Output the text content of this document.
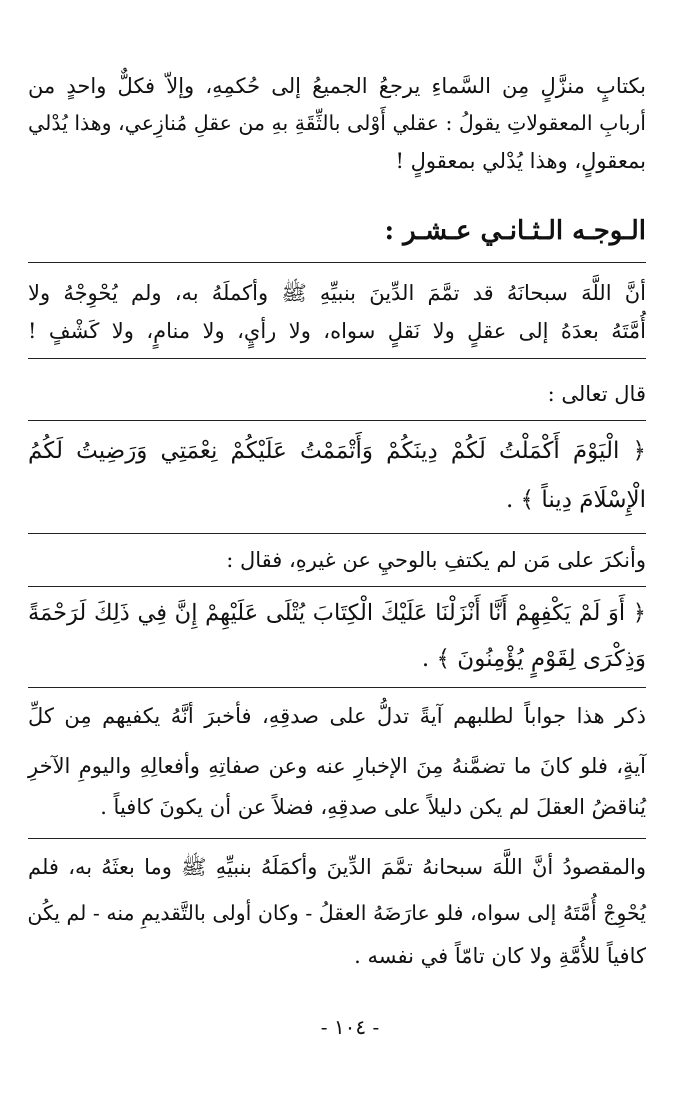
بكتابٍ منزَّلٍ مِن السَّماءِ يرجعُ الجميعُ إلى حُكمِهِ، وإلاّ فكلٌّ واحدٍ من
أربابِ المعقولاتِ يقولُ : عقلي أَوْلى بالثِّقَةِ بهِ من عقلِ مُنازِعي، وهذا يُدْلي
بمعقولٍ، وهذا يُدْلي بمعقولٍ !
الـوجـه الـثـانـي عـشـر :
أنَّ اللَّهَ سبحانَهُ قد تمَّمَ الدِّينَ بنبيِّهِ ﷺ وأكملَهُ به، ولم يُحْوِجْهُ ولا
أُمَّتَهُ بعدَهُ إلى عقلٍ ولا نَقلٍ سواه، ولا رأيٍ، ولا منامٍ، ولا كَشْفٍ !
قال تعالى :
﴿ الْيَوْمَ أَكْمَلْتُ لَكُمْ دِينَكُمْ وَأَتْمَمْتُ عَلَيْكُمْ نِعْمَتِي وَرَضِيتُ لَكُمُ
الْإِسْلَامَ دِيناً ﴾ .
وأنكرَ على مَن لم يكتفِ بالوحيِ عن غيرهِ، فقال :
﴿ أَوَ لَمْ يَكْفِهِمْ أَنَّا أَنْزَلْنَا عَلَيْكَ الْكِتَابَ يُتْلَى عَلَيْهِمْ إِنَّ فِي ذَلِكَ لَرَحْمَةً
وَذِكْرَى لِقَوْمٍ يُؤْمِنُونَ ﴾ .
ذكر هذا جواباً لطلبهم آيةً تدلُّ على صدقِهِ، فأخبرَ أنَّهُ يكفيهم مِن كلِّ
آيةٍ، فلو كانَ ما تضمَّنهُ مِنَ الإخبارِ عنه وعن صفاتِهِ وأفعالِهِ واليومِ الآخرِ
يُناقضُ العقلَ لم يكن دليلاً على صدقِهِ، فضلاً عن أن يكونَ كافياً .
والمقصودُ أنَّ اللَّهَ سبحانهُ تمَّمَ الدِّينَ وأكمَلَهُ بنبيِّهِ ﷺ وما بعثَهُ به، فلم
يُحْوِجْ أُمَّتَهُ إلى سواه، فلو عارَضَهُ العقلُ - وكان أولى بالتَّقديمِ منه - لم يكُن
كافياً للأُمَّةِ ولا كان تامّاً في نفسه .
- ١٠٤ -
